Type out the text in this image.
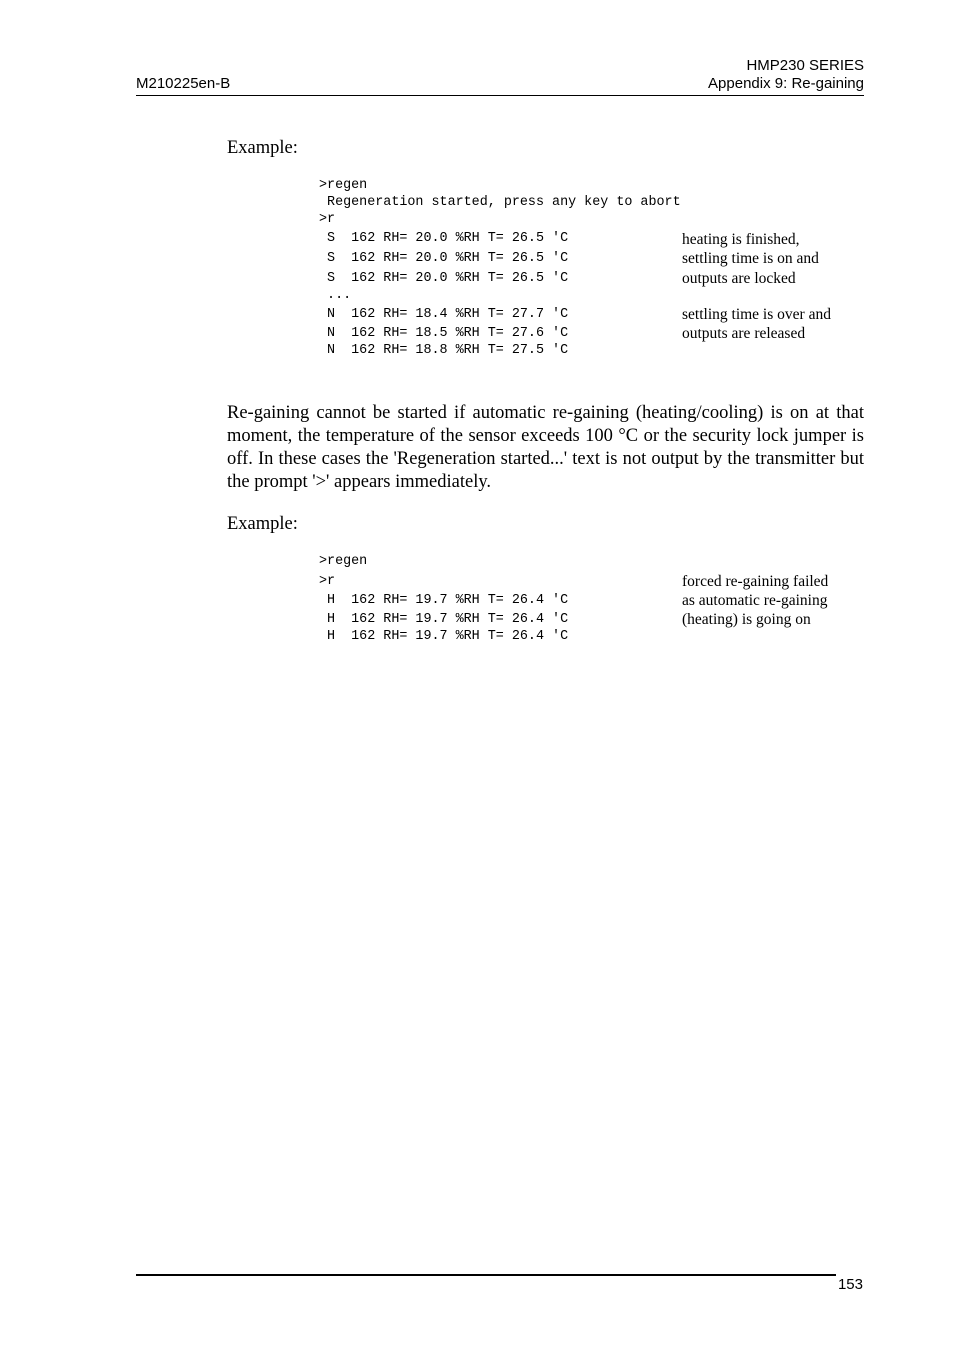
HMP230 SERIES
Appendix 9: Re-gaining
M210225en-B
Example:
>regen
Regeneration started, press any key to abort
>r
S  162 RH= 20.0 %RH T= 26.5 'C
S  162 RH= 20.0 %RH T= 26.5 'C
S  162 RH= 20.0 %RH T= 26.5 'C
...
N  162 RH= 18.4 %RH T= 27.7 'C
N  162 RH= 18.5 %RH T= 27.6 'C
N  162 RH= 18.8 %RH T= 27.5 'C
heating is finished,
settling time is on and
outputs are locked
settling time is over and
outputs are released

Re-gaining cannot be started if automatic re-gaining (heating/cooling) is on at that moment, the temperature of the sensor exceeds 100 °C or the security lock jumper is off. In these cases the 'Regeneration started...' text is not output by the transmitter but the prompt '>' appears immediately.

Example:
>regen
>r
H  162 RH= 19.7 %RH T= 26.4 'C
H  162 RH= 19.7 %RH T= 26.4 'C
H  162 RH= 19.7 %RH T= 26.4 'C
forced re-gaining failed
as automatic re-gaining
(heating) is going on
153
